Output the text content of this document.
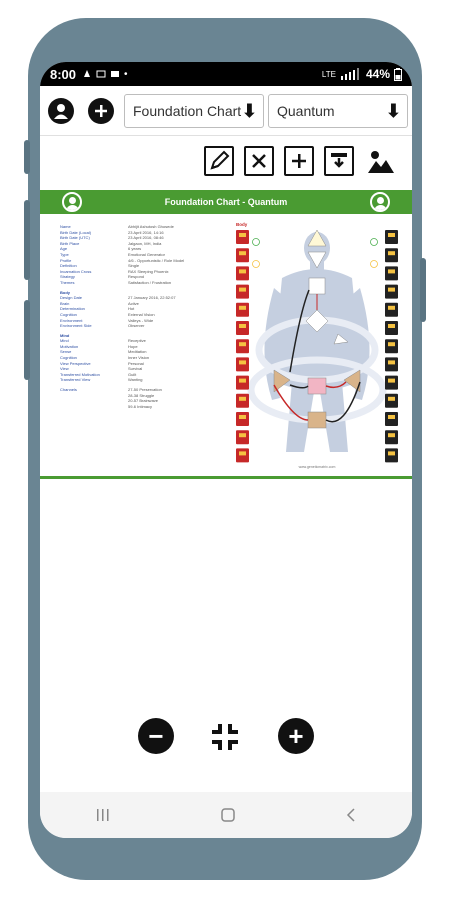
8:00	•	LTE	44%
Foundation Chart ⬇ Quantum	⬇
Foundation Chart - Quantum
Name	Abhijit Ashutosh Ghosede
Birth Date (Local)	23 April 2016, 14:16
Birth Date (UTC)	23 April 2016, 08:46
Birth Place	Jalgaon, MH, India
Age	6 years
Type	Emotional Generator
Profile	4/6 - Opportunistic / Role Model
Definition	Single
Incarnation Cross	RAX Sleeping Phoenix
Strategy	Respond
Themes	Satisfaction / Frustration
Body
Design Date	27 January 2016, 22:52:07
Brain	Active
Determination	Hot
Cognition	External Vision
Environment	Valleys - Wide
Environment Side	Observer
Mind
Mind	Receptive
Motivation	Hope
Sense	Meditation
Cognition	Inner Vision
View Perspective	Personal
View	Survival
Transferred Motivation	Guilt
Transferred View	Wanting
Channels	27-50 Preservation
28-38 Struggle
20-57 Brainwave
59-6 Intimacy
Body
www.geneticmatrix.com
−	+
